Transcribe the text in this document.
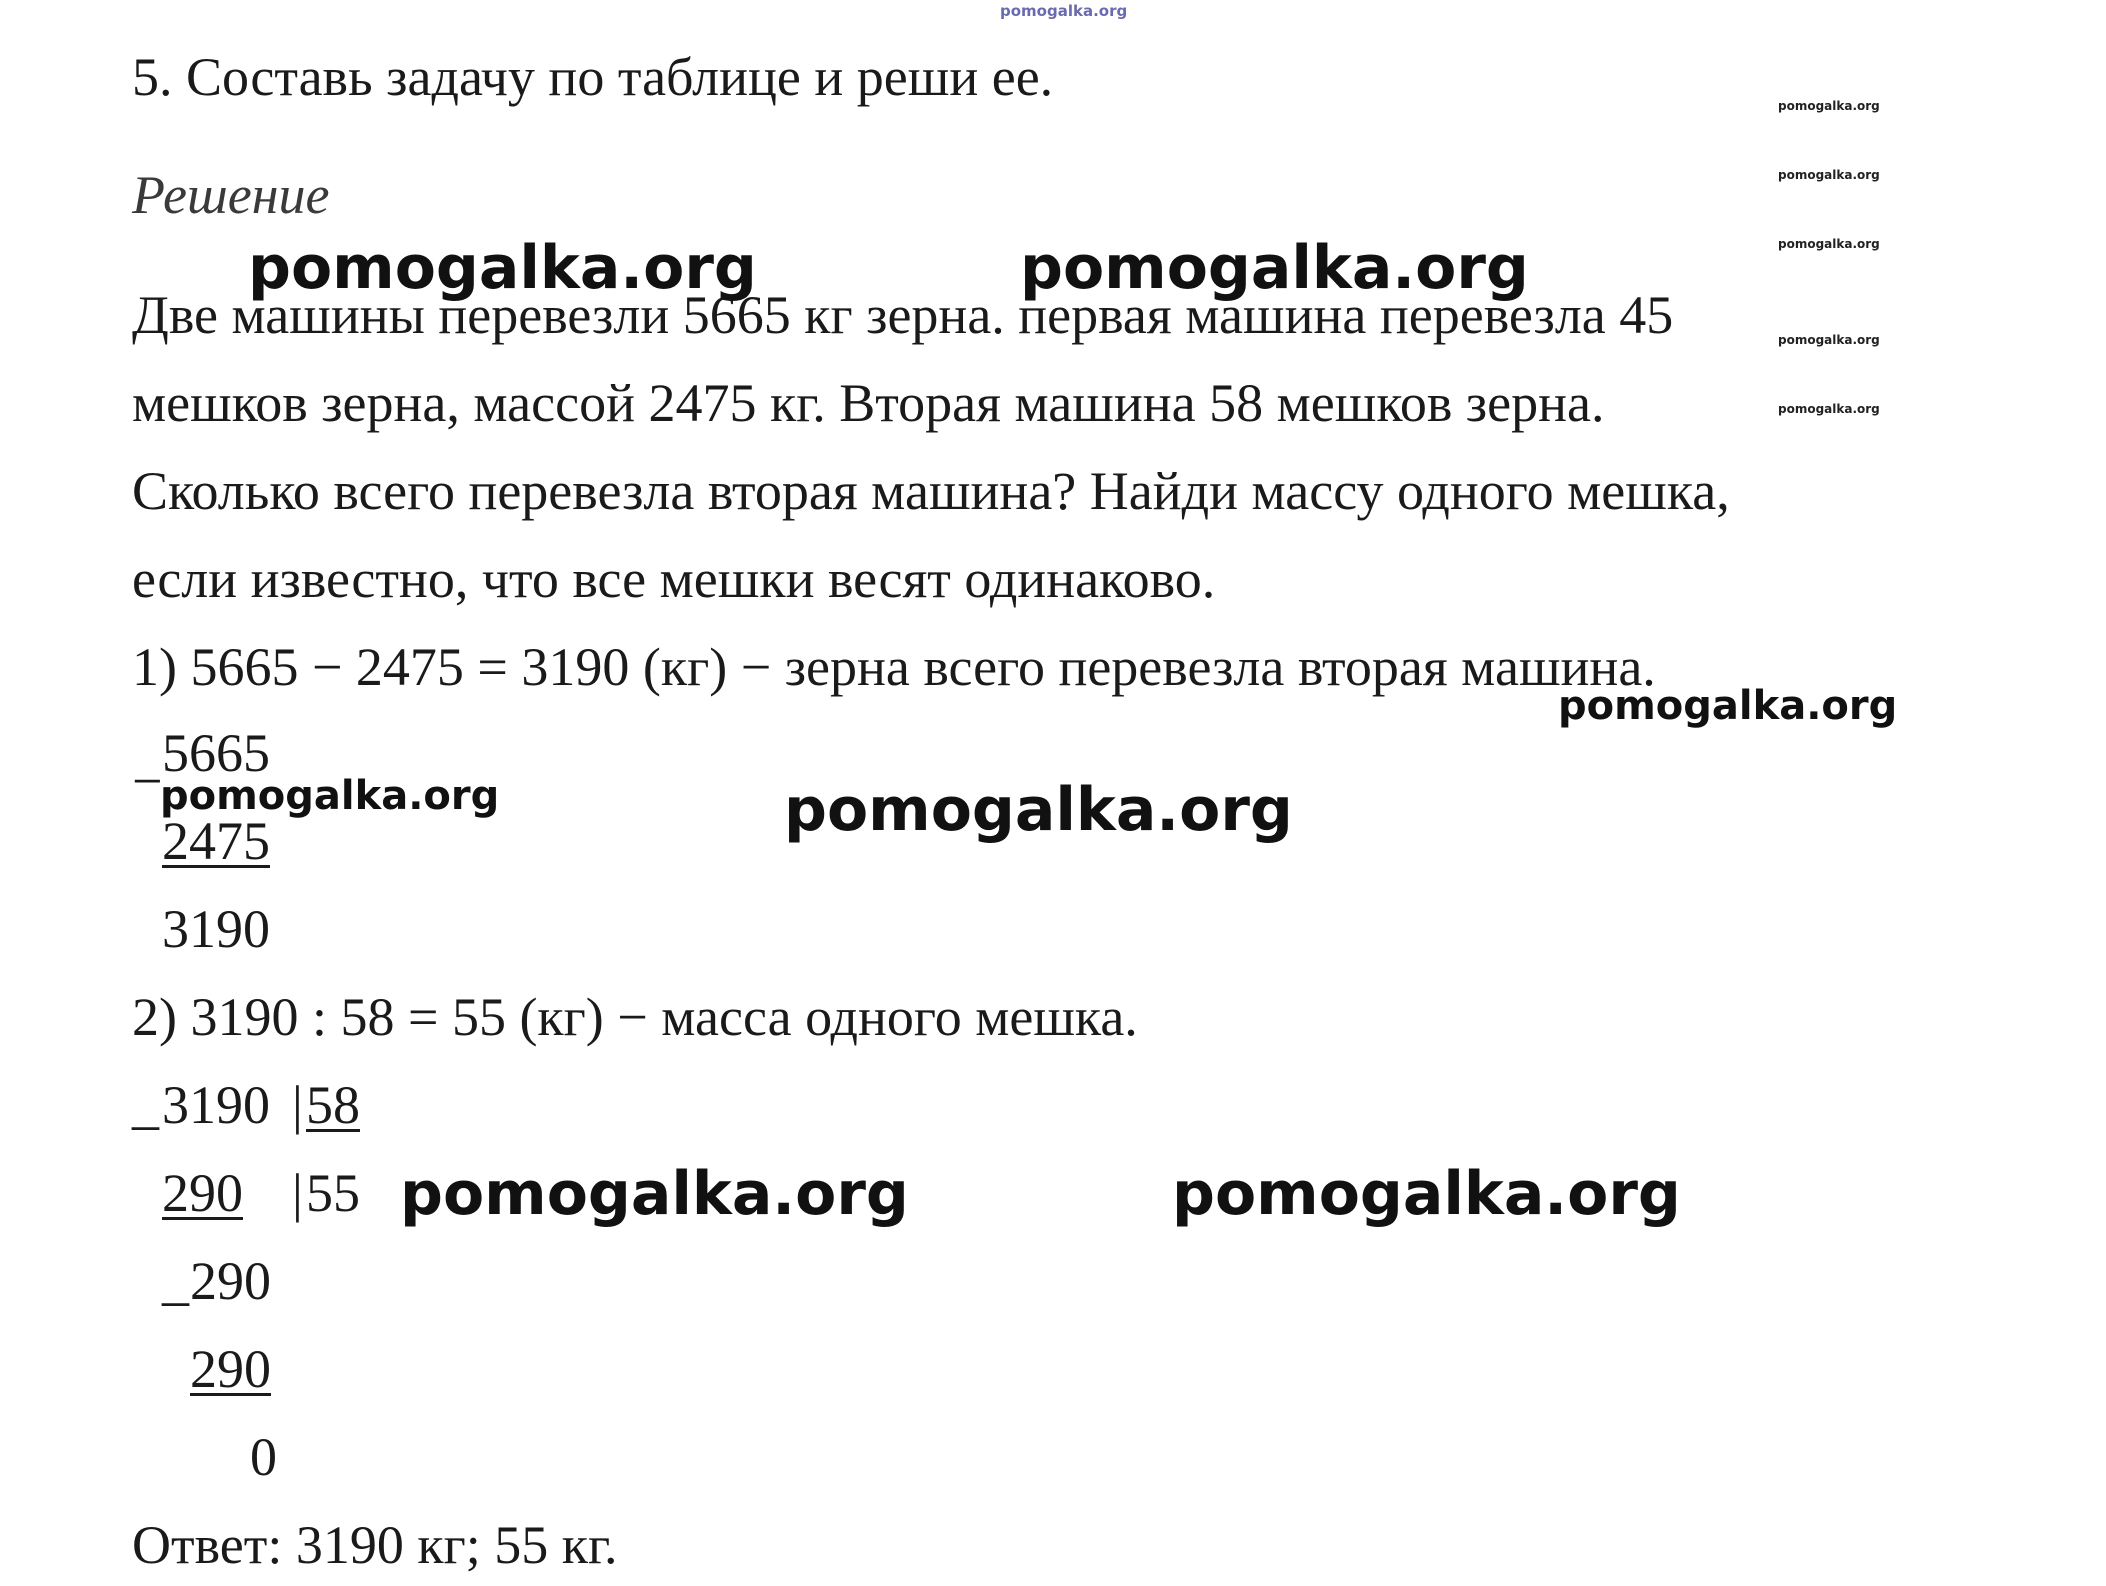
pomogalka.org
pomogalka.org
pomogalka.org
pomogalka.org
pomogalka.org
pomogalka.org
5. Составь задачу по таблице и реши ее.
Решение
Две машины перевезли 5665 кг зерна. первая машина перевезла 45
мешков зерна, массой 2475 кг. Вторая машина 58 мешков зерна.
Сколько всего перевезла вторая машина? Найди массу одного мешка,
если известно, что все мешки весят одинаково.
1) 5665 − 2475 = 3190 (кг) − зерна всего перевезла вторая машина.
5665
−
2475
3190
2) 3190 : 58 = 55 (кг) − масса одного мешка.
_ 3190 | 58
290 | 55
_ 290
290
0
Ответ: 3190 кг; 55 кг.
pomogalka.org	pomogalka.org
pomogalka.org
pomogalka.org	pomogalka.org
pomogalka.org	pomogalka.org
